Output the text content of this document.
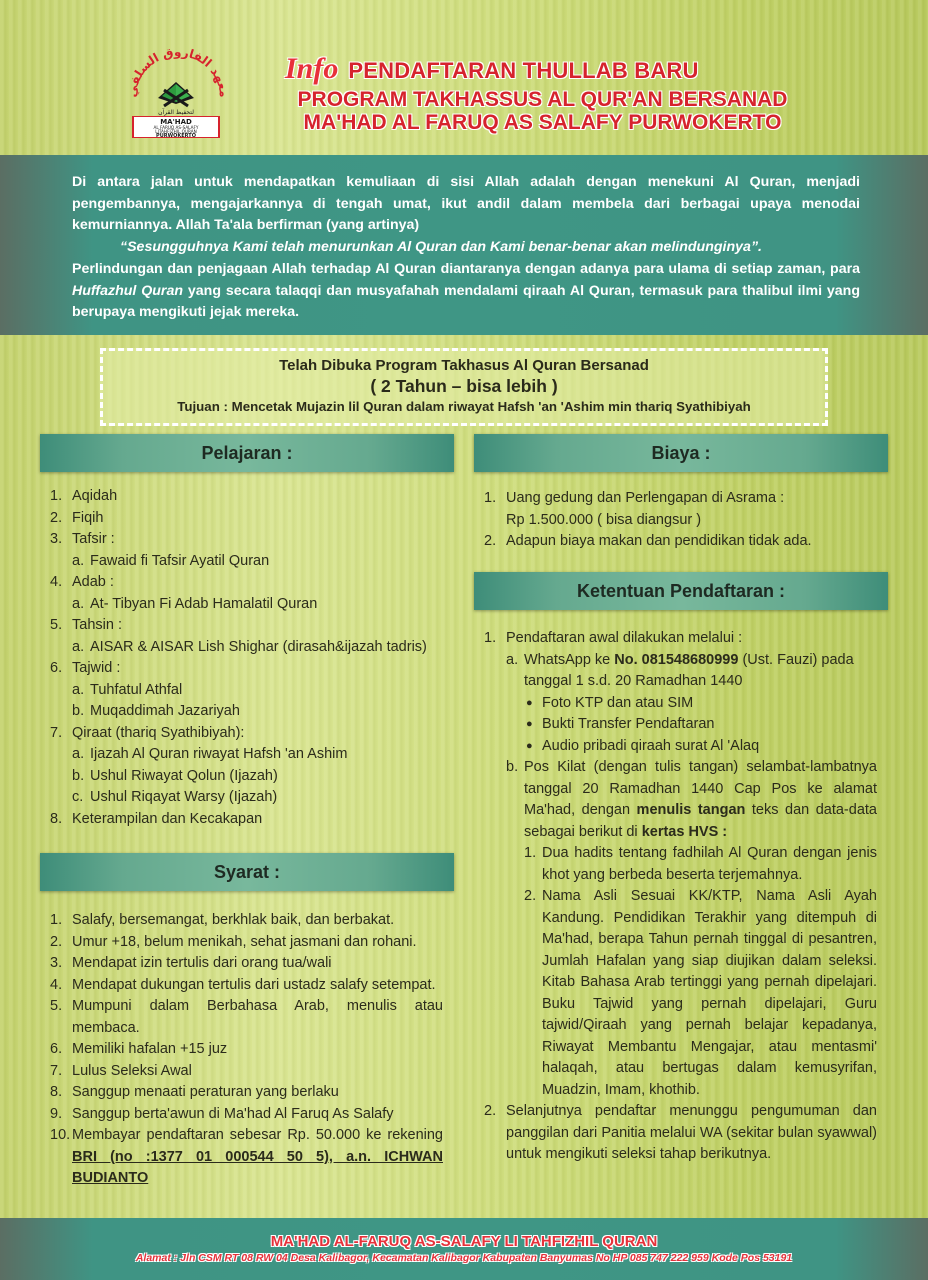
معهد الفاروق السلفي
لتحفيظ القرآن
MA'HAD
AL FARUQ AS-SALAFY
LITAHFIZHIL QURAN
PURWOKERTO
Info PENDAFTARAN THULLAB BARU
PROGRAM TAKHASSUS AL QUR'AN BERSANAD
MA'HAD AL FARUQ AS SALAFY PURWOKERTO

Di antara jalan untuk mendapatkan kemuliaan di sisi Allah adalah dengan menekuni Al Quran, menjadi pengembannya, mengajarkannya di tengah umat, ikut andil dalam membela dari berbagai upaya menodai kemurniannya. Allah Ta'ala berfirman (yang artinya)

“Sesungguhnya Kami telah menurunkan Al Quran dan Kami benar-benar akan melindunginya”.

Perlindungan dan penjagaan Allah terhadap Al Quran diantaranya dengan adanya para ulama di setiap zaman, para Huffazhul Quran yang secara talaqqi dan musyafahah mendalami qiraah Al Quran, termasuk para thalibul ilmi yang berupaya mengikuti jejak mereka.

Telah Dibuka Program Takhasus Al Quran Bersanad
( 2 Tahun – bisa lebih )
Tujuan : Mencetak Mujazin lil Quran dalam riwayat Hafsh 'an 'Ashim min thariq Syathibiyah
Pelajaran :
1. Aqidah
2. Fiqih
3. Tafsir :
a. Fawaid fi Tafsir Ayatil Quran
4. Adab :
a. At- Tibyan Fi Adab Hamalatil Quran
5. Tahsin :
a. AISAR & AISAR Lish Shighar (dirasah&ijazah tadris)
6. Tajwid :
a. Tuhfatul Athfal
b. Muqaddimah Jazariyah
7. Qiraat (thariq Syathibiyah):
a. Ijazah Al Quran riwayat Hafsh 'an Ashim
b. Ushul Riwayat Qolun (Ijazah)
c. Ushul Riqayat Warsy (Ijazah)
8. Keterampilan dan Kecakapan
Syarat :
1. Salafy, bersemangat, berkhlak baik, dan berbakat.
2. Umur +18, belum menikah, sehat jasmani dan rohani.
3. Mendapat izin tertulis dari orang tua/wali
4. Mendapat dukungan tertulis dari ustadz salafy setempat.
5. Mumpuni dalam Berbahasa Arab, menulis atau membaca.
6. Memiliki hafalan +15 juz
7. Lulus Seleksi Awal
8. Sanggup menaati peraturan yang berlaku
9. Sanggup berta'awun di Ma'had Al Faruq As Salafy
10. Membayar pendaftaran sebesar Rp. 50.000 ke rekening BRI (no :1377 01 000544 50 5), a.n. ICHWAN BUDIANTO
Biaya :
1. Uang gedung dan Perlengapan di Asrama :
Rp 1.500.000 ( bisa diangsur )
2. Adapun biaya makan dan pendidikan tidak ada.
Ketentuan Pendaftaran :
1. Pendaftaran awal dilakukan melalui :
a. WhatsApp ke No. 081548680999 (Ust. Fauzi) pada tanggal 1 s.d. 20 Ramadhan 1440
● Foto KTP dan atau SIM
● Bukti Transfer Pendaftaran
● Audio pribadi qiraah surat Al 'Alaq
b. Pos Kilat (dengan tulis tangan) selambat-lambatnya tanggal 20 Ramadhan 1440 Cap Pos ke alamat Ma'had, dengan menulis tangan teks dan data-data sebagai berikut di kertas HVS :
1. Dua hadits tentang fadhilah Al Quran dengan jenis khot yang berbeda beserta terjemahnya.
2. Nama Asli Sesuai KK/KTP, Nama Asli Ayah Kandung. Pendidikan Terakhir yang ditempuh di Ma'had, berapa Tahun pernah tinggal di pesantren, Jumlah Hafalan yang siap diujikan dalam seleksi. Kitab Bahasa Arab tertinggi yang pernah dipelajari. Buku Tajwid yang pernah dipelajari, Guru tajwid/Qiraah yang pernah belajar kepadanya, Riwayat Membantu Mengajar, atau mentasmi' halaqah, atau bertugas dalam kemusyrifan, Muadzin, Imam, khothib.
2. Selanjutnya pendaftar menunggu pengumuman dan panggilan dari Panitia melalui WA (sekitar bulan syawwal) untuk mengikuti seleksi tahap berikutnya.
MA'HAD AL-FARUQ AS-SALAFY LI TAHFIZHIL QURAN
Alamat : Jln CSM RT 08 RW 04 Desa Kalibagor, Kecamatan Kalibagor Kabupaten Banyumas No HP 085 747 222 959 Kode Pos 53191
